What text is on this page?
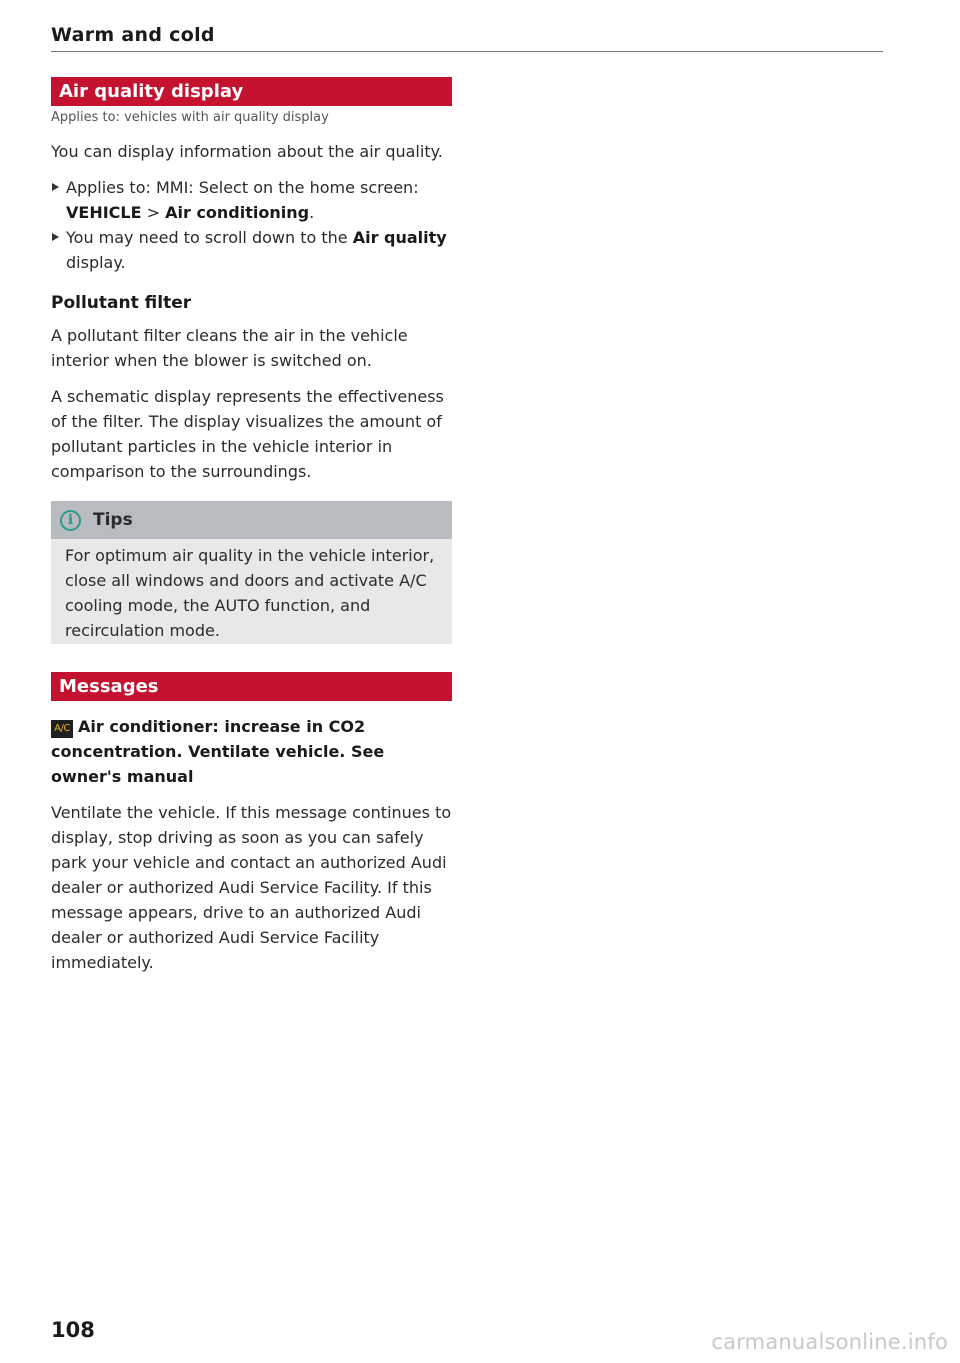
Warm and cold
Air quality display
Applies to: vehicles with air quality display

You can display information about the air quality.

Applies to: MMI: Select on the home screen:
VEHICLE > Air conditioning.
You may need to scroll down to the Air quality display.
Pollutant filter

A pollutant filter cleans the air in the vehicle interior when the blower is switched on.

A schematic display represents the effectiveness of the filter. The display visualizes the amount of pollutant particles in the vehicle interior in comparison to the surroundings.

i	Tips
For optimum air quality in the vehicle interior, close all windows and doors and activate A/C cooling mode, the AUTO function, and recirculation mode.
Messages
A/C Air conditioner: increase in CO2 concentration. Ventilate vehicle. See owner's manual

Ventilate the vehicle. If this message continues to display, stop driving as soon as you can safely park your vehicle and contact an authorized Audi dealer or authorized Audi Service Facility. If this message appears, drive to an authorized Audi dealer or authorized Audi Service Facility immediately.

108	carmanualsonline.info
